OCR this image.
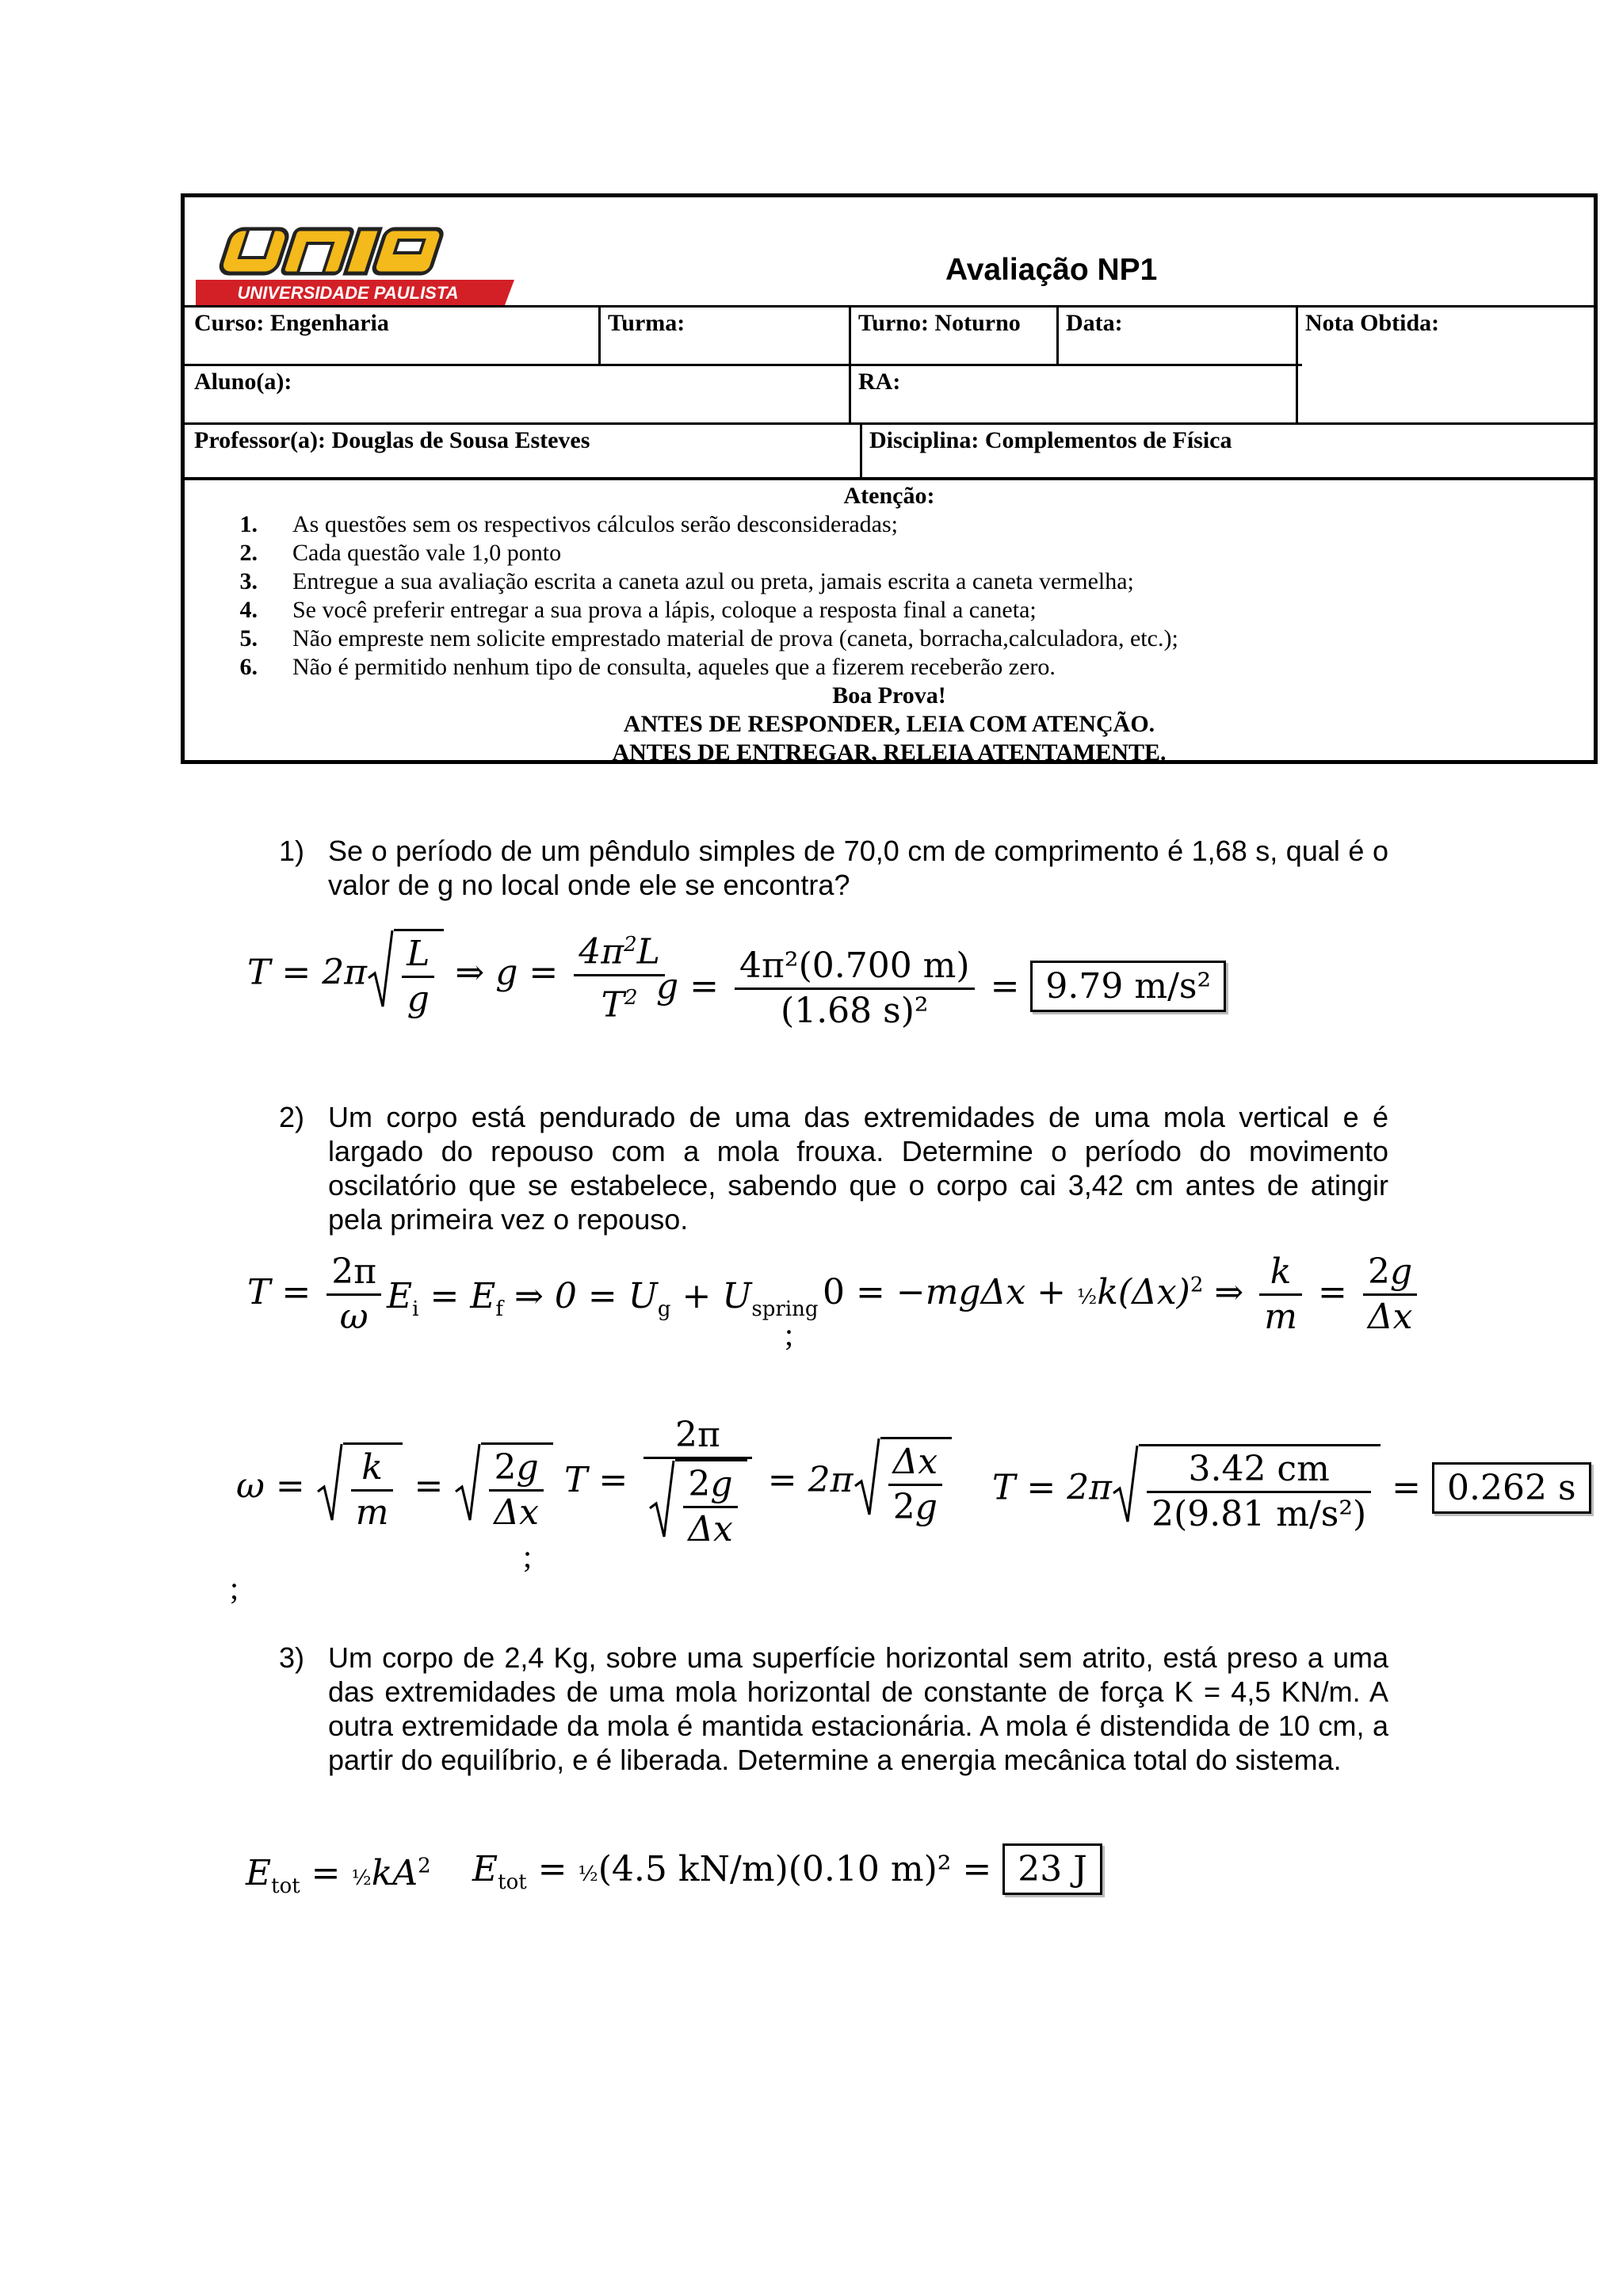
UNIVERSIDADE PAULISTA
Avaliação NP1
Curso: Engenharia	Turma:	Turno: Noturno Data:	Nota Obtida:
Aluno(a):	RA:
Professor(a): Douglas de Sousa Esteves	Disciplina: Complementos de Física
Atenção:
1. As questões sem os respectivos cálculos serão desconsideradas;
2. Cada questão vale 1,0 ponto
3. Entregue a sua avaliação escrita a caneta azul ou preta, jamais escrita a caneta vermelha;
4. Se você preferir entregar a sua prova a lápis, coloque a resposta final a caneta;
5. Não empreste nem solicite emprestado material de prova (caneta, borracha,calculadora, etc.);
6. Não é permitido nenhum tipo de consulta, aqueles que a fizerem receberão zero.
Boa Prova!
ANTES DE RESPONDER, LEIA COM ATENÇÃO.
ANTES DE ENTREGAR, RELEIA ATENTAMENTE.
1) Se o período de um pêndulo simples de 70,0 cm de comprimento é 1,68 s, qual é o valor de g no local onde ele se encontra?
$T = 2\pi \frac{L}{g}$ ⇒ $g = \frac{4\pi^2L}{T^2}$
$g = \frac{\text{4π²(0.700 m)}}{\text{(1.68 s)²}} = 9.79$ m/s²
2) Um corpo está pendurado de uma das extremidades de uma mola vertical e é largado do repouso com a mola frouxa. Determine o período do movimento oscilatório que se estabelece, sabendo que o corpo cai 3,42 cm antes de atingir pela primeira vez o repouso.
$T = \frac{2\pi}{\omega} E_i = E_f$ ⇒ $0 = U_g + U_{spring}$
;
$0 = -mg\Delta x + \frac{1}{2}k(\Delta x)^2$ ⇒ $\frac{k}{m} = \frac{2g}{\Delta x}$
$\omega = \frac{k}{m} = \frac{2g}{\Delta x}$
;
;
$T = \frac{2\pi}{\frac{2g}{\Delta x}} = 2\pi \frac{\Delta x}{2g}$ $T = 2\pi \frac{3.42 cm}{\text{2(9.81 m/s²)}} = 0.262$ s
3) Um corpo de 2,4 Kg, sobre uma superfície horizontal sem atrito, está preso a uma das extremidades de uma mola horizontal de constante de força K = 4,5 KN/m. A outra extremidade da mola é mantida estacionária. A mola é distendida de 10 cm, a partir do equilíbrio, e é liberada. Determine a energia mecânica total do sistema.
$E_{tot}$ = $\frac{1}{2}kA^2$ $E_{tot}$ = ½(4.5 kN/m)(0.10 m)² = 23 J
